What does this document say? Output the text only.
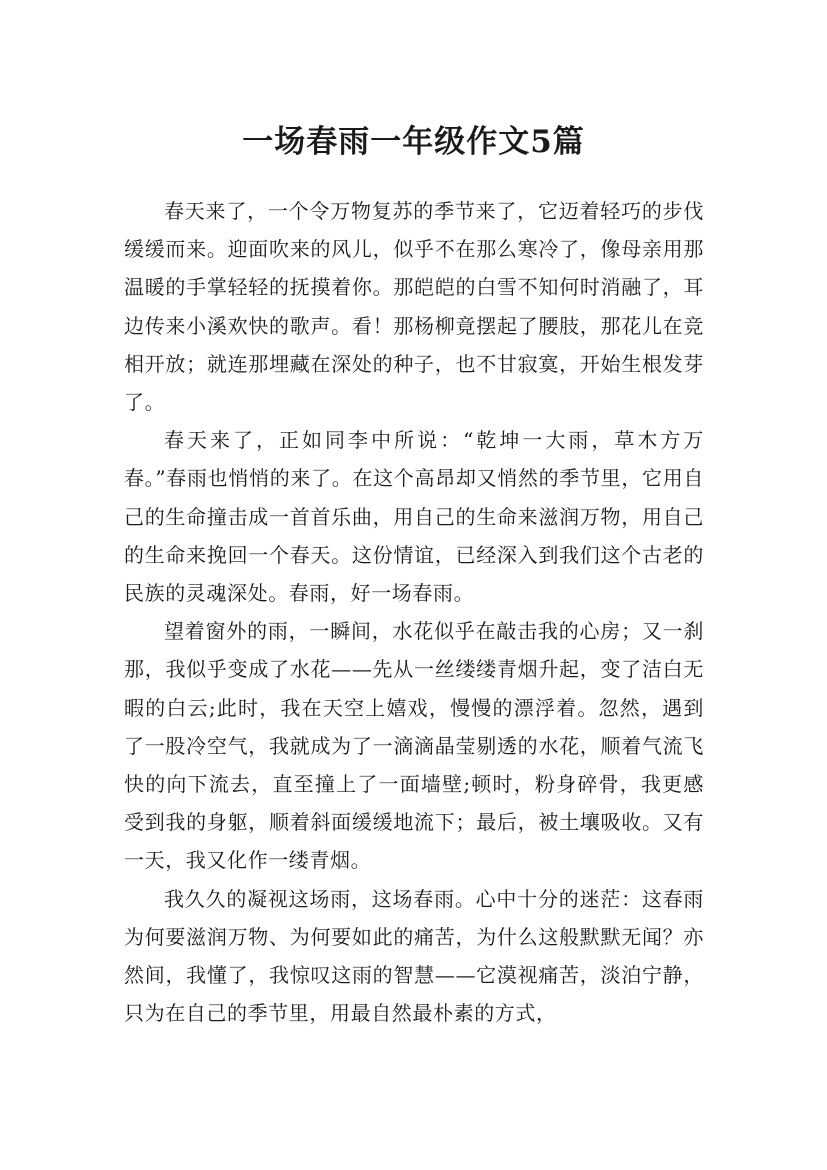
一场春雨一年级作文5篇

春天来了，一个令万物复苏的季节来了，它迈着轻巧的步伐缓缓而来。迎面吹来的风儿，似乎不在那么寒冷了，像母亲用那温暖的手掌轻轻的抚摸着你。那皑皑的白雪不知何时消融了，耳边传来小溪欢快的歌声。看！那杨柳竟摆起了腰肢，那花儿在竞相开放；就连那埋藏在深处的种子，也不甘寂寞，开始生根发芽了。

春天来了，正如同李中所说：“乾坤一大雨，草木方万春。”春雨也悄悄的来了。在这个高昂却又悄然的季节里，它用自己的生命撞击成一首首乐曲，用自己的生命来滋润万物，用自己的生命来挽回一个春天。这份情谊，已经深入到我们这个古老的民族的灵魂深处。春雨，好一场春雨。

望着窗外的雨，一瞬间，水花似乎在敲击我的心房；又一刹那，我似乎变成了水花——先从一丝缕缕青烟升起，变了洁白无暇的白云;此时，我在天空上嬉戏，慢慢的漂浮着。忽然，遇到了一股冷空气，我就成为了一滴滴晶莹剔透的水花，顺着气流飞快的向下流去，直至撞上了一面墙壁;顿时，粉身碎骨，我更感受到我的身躯，顺着斜面缓缓地流下；最后，被土壤吸收。又有一天，我又化作一缕青烟。

我久久的凝视这场雨，这场春雨。心中十分的迷茫：这春雨为何要滋润万物、为何要如此的痛苦，为什么这般默默无闻？亦然间，我懂了，我惊叹这雨的智慧——它漠视痛苦，淡泊宁静，只为在自己的季节里，用最自然最朴素的方式，
